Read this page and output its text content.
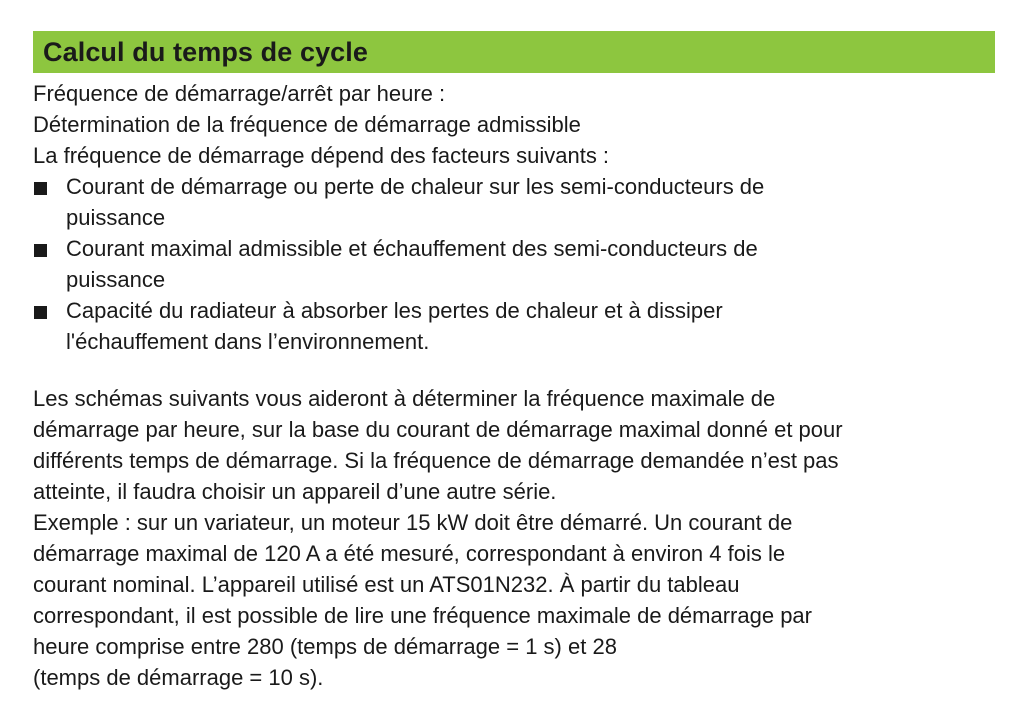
Calcul du temps de cycle

Fréquence de démarrage/arrêt par heure :

Détermination de la fréquence de démarrage admissible

La fréquence de démarrage dépend des facteurs suivants :

Courant de démarrage ou perte de chaleur sur les semi-conducteurs de
puissance
Courant maximal admissible et échauffement des semi-conducteurs de
puissance
Capacité du radiateur à absorber les pertes de chaleur et à dissiper
l'échauffement dans l’environnement.

Les schémas suivants vous aideront à déterminer la fréquence maximale de

démarrage par heure, sur la base du courant de démarrage maximal donné et pour

différents temps de démarrage. Si la fréquence de démarrage demandée n’est pas

atteinte, il faudra choisir un appareil d’une autre série.

Exemple : sur un variateur, un moteur 15 kW doit être démarré. Un courant de

démarrage maximal de 120 A a été mesuré, correspondant à environ 4 fois le

courant nominal. L’appareil utilisé est un ATS01N232. À partir du tableau

correspondant, il est possible de lire une fréquence maximale de démarrage par

heure comprise entre 280 (temps de démarrage = 1 s) et 28

(temps de démarrage = 10 s).
